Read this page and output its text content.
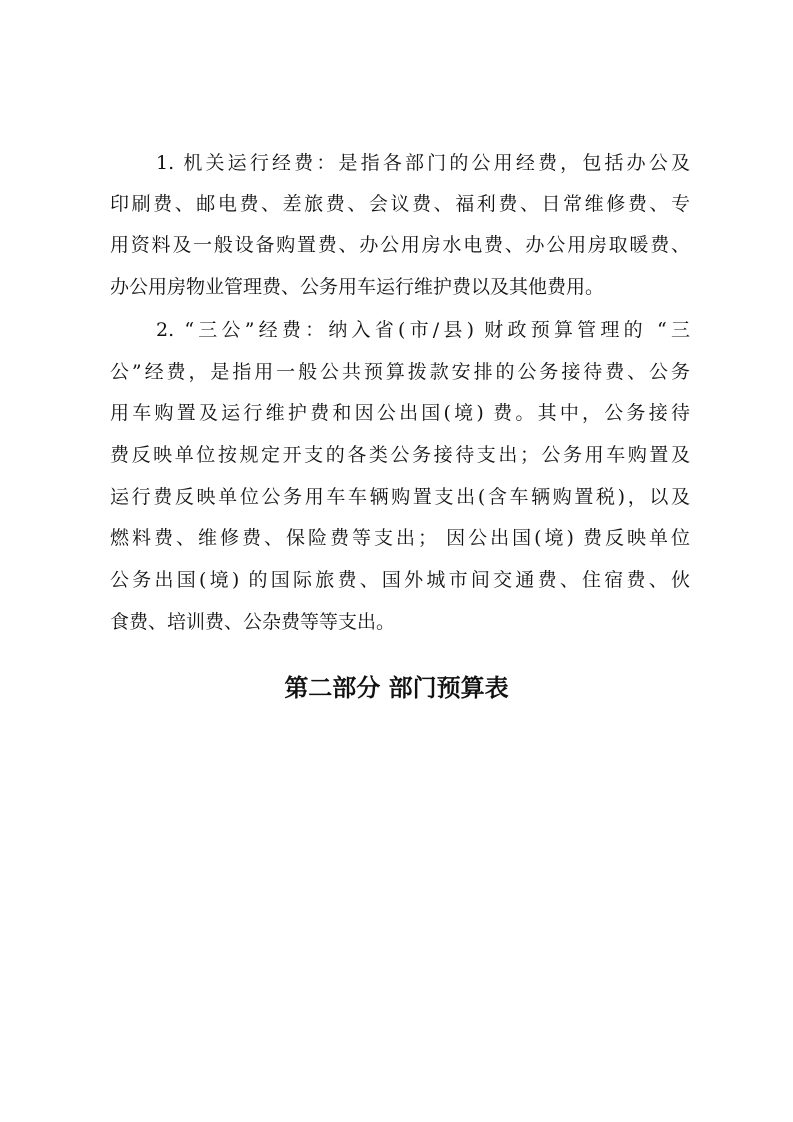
1. 机关运行经费：是指各部门的公用经费，包括办公及
印刷费、邮电费、差旅费、会议费、福利费、日常维修费、专
用资料及一般设备购置费、办公用房水电费、办公用房取暖费、
办公用房物业管理费、公务用车运行维护费以及其他费用。
2. “三公”经费：纳入省(市/县) 财政预算管理的 “三
公”经费，是指用一般公共预算拨款安排的公务接待费、公务
用车购置及运行维护费和因公出国(境) 费。其中，公务接待
费反映单位按规定开支的各类公务接待支出；公务用车购置及
运行费反映单位公务用车车辆购置支出(含车辆购置税)，以及
燃料费、维修费、保险费等支出； 因公出国(境) 费反映单位
公务出国(境) 的国际旅费、国外城市间交通费、住宿费、伙
食费、培训费、公杂费等等支出。
第二部分 部门预算表
